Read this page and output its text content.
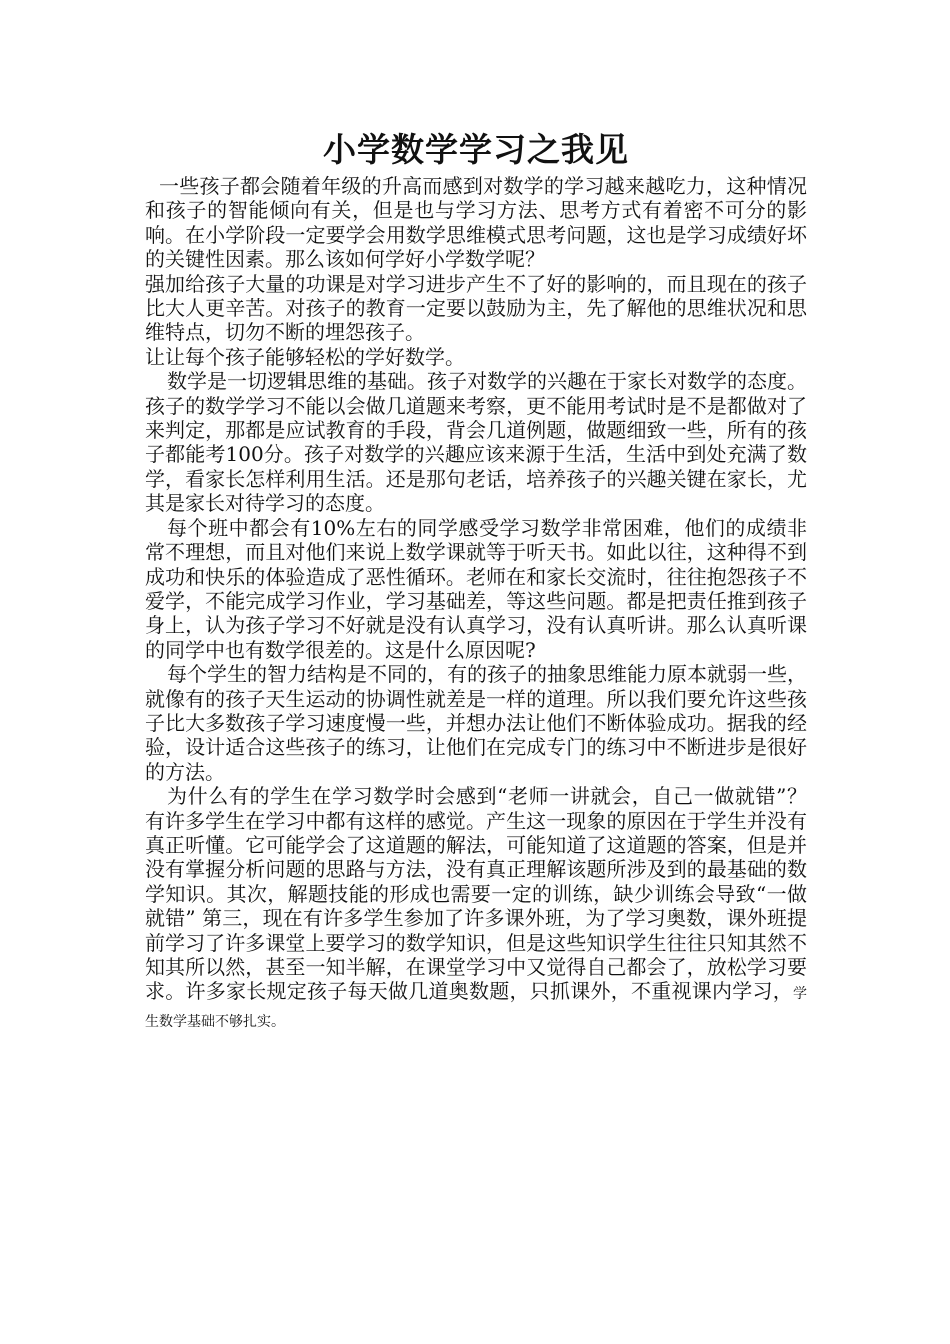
小学数学学习之我见

一些孩子都会随着年级的升高而感到对数学的学习越来越吃力，这种情况和孩子的智能倾向有关，但是也与学习方法、思考方式有着密不可分的影响。在小学阶段一定要学会用数学思维模式思考问题，这也是学习成绩好坏的关键性因素。那么该如何学好小学数学呢？

强加给孩子大量的功课是对学习进步产生不了好的影响的，而且现在的孩子比大人更辛苦。对孩子的教育一定要以鼓励为主，先了解他的思维状况和思维特点，切勿不断的埋怨孩子。

让让每个孩子能够轻松的学好数学。

数学是一切逻辑思维的基础。孩子对数学的兴趣在于家长对数学的态度。孩子的数学学习不能以会做几道题来考察，更不能用考试时是不是都做对了来判定，那都是应试教育的手段，背会几道例题，做题细致一些，所有的孩子都能考100分。孩子对数学的兴趣应该来源于生活，生活中到处充满了数学，看家长怎样利用生活。还是那句老话，培养孩子的兴趣关键在家长，尤其是家长对待学习的态度。

每个班中都会有10%左右的同学感受学习数学非常困难，他们的成绩非常不理想，而且对他们来说上数学课就等于听天书。如此以往，这种得不到成功和快乐的体验造成了恶性循环。老师在和家长交流时，往往抱怨孩子不爱学，不能完成学习作业，学习基础差，等这些问题。都是把责任推到孩子身上，认为孩子学习不好就是没有认真学习，没有认真听讲。那么认真听课的同学中也有数学很差的。这是什么原因呢?

每个学生的智力结构是不同的，有的孩子的抽象思维能力原本就弱一些，就像有的孩子天生运动的协调性就差是一样的道理。所以我们要允许这些孩子比大多数孩子学习速度慢一些，并想办法让他们不断体验成功。据我的经验，设计适合这些孩子的练习，让他们在完成专门的练习中不断进步是很好的方法。

为什么有的学生在学习数学时会感到“老师一讲就会，自己一做就错”？ 有许多学生在学习中都有这样的感觉。产生这一现象的原因在于学生并没有真正听懂。它可能学会了这道题的解法，可能知道了这道题的答案，但是并没有掌握分析问题的思路与方法，没有真正理解该题所涉及到的最基础的数学知识。其次，解题技能的形成也需要一定的训练，缺少训练会导致“一做就错” 第三，现在有许多学生参加了许多课外班，为了学习奥数，课外班提前学习了许多课堂上要学习的数学知识，但是这些知识学生往往只知其然不知其所以然，甚至一知半解，在课堂学习中又觉得自己都会了，放松学习要求。许多家长规定孩子每天做几道奥数题，只抓课外，不重视课内学习，学生数学基础不够扎实。
